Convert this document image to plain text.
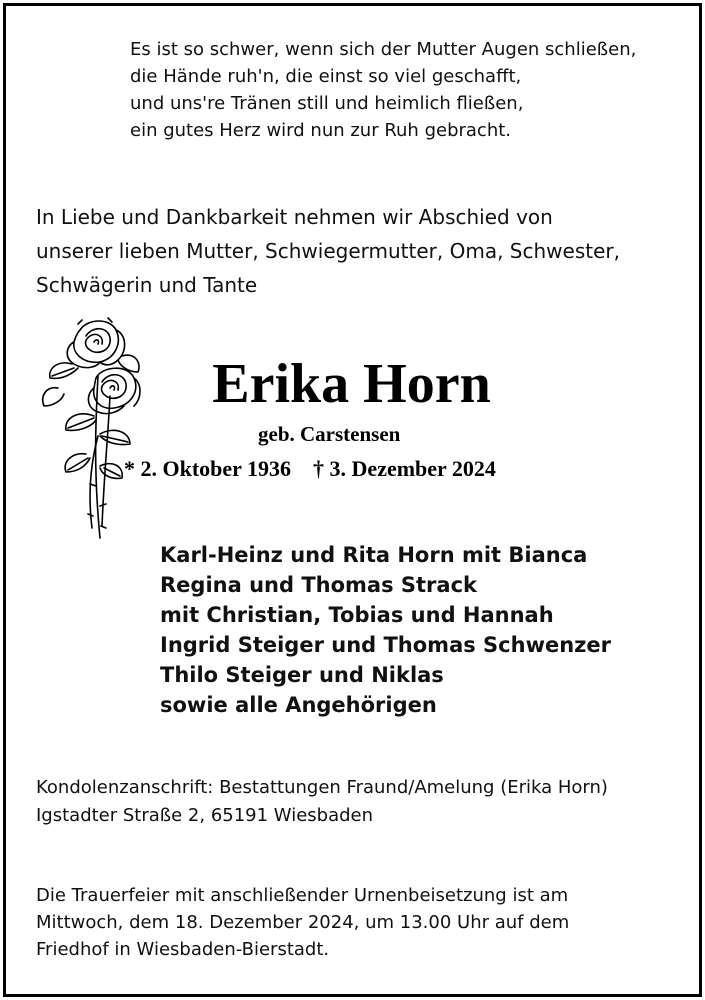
Es ist so schwer, wenn sich der Mutter Augen schließen,
die Hände ruh'n, die einst so viel geschafft,
und uns're Tränen still und heimlich fließen,
ein gutes Herz wird nun zur Ruh gebracht.
In Liebe und Dankbarkeit nehmen wir Abschied von
unserer lieben Mutter, Schwiegermutter, Oma, Schwester,
Schwägerin und Tante
Erika Horn
geb. Carstensen
* 2. Oktober 1936 † 3. Dezember 2024
Karl-Heinz und Rita Horn mit Bianca
Regina und Thomas Strack
mit Christian, Tobias und Hannah
Ingrid Steiger und Thomas Schwenzer
Thilo Steiger und Niklas
sowie alle Angehörigen
Kondolenzanschrift: Bestattungen Fraund/Amelung (Erika Horn)
Igstadter Straße 2, 65191 Wiesbaden
Die Trauerfeier mit anschließender Urnenbeisetzung ist am
Mittwoch, dem 18. Dezember 2024, um 13.00 Uhr auf dem
Friedhof in Wiesbaden-Bierstadt.
